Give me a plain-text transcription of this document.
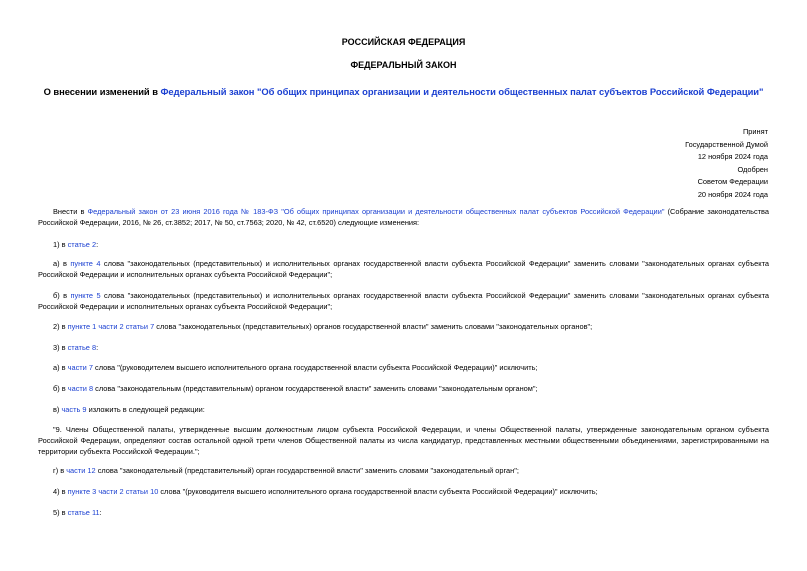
РОССИЙСКАЯ ФЕДЕРАЦИЯ
ФЕДЕРАЛЬНЫЙ ЗАКОН
О внесении изменений в Федеральный закон "Об общих принципах организации и деятельности общественных палат субъектов Российской Федерации"
Принят
Государственной Думой
12 ноября 2024 года
Одобрен
Советом Федерации
20 ноября 2024 года
Внести в Федеральный закон от 23 июня 2016 года № 183-ФЗ "Об общих принципах организации и деятельности общественных палат субъектов Российской Федерации" (Собрание законодательства Российской Федерации, 2016, № 26, ст.3852; 2017, № 50, ст.7563; 2020, № 42, ст.6520) следующие изменения:
1) в статье 2:
а) в пункте 4 слова "законодательных (представительных) и исполнительных органах государственной власти субъекта Российской Федерации" заменить словами "законодательных органах субъекта Российской Федерации и исполнительных органах субъекта Российской Федерации";
б) в пункте 5 слова "законодательных (представительных) и исполнительных органах государственной власти субъекта Российской Федерации" заменить словами "законодательных органах субъекта Российской Федерации и исполнительных органах субъекта Российской Федерации";
2) в пункте 1 части 2 статьи 7 слова "законодательных (представительных) органов государственной власти" заменить словами "законодательных органов";
3) в статье 8:
а) в части 7 слова "(руководителем высшего исполнительного органа государственной власти субъекта Российской Федерации)" исключить;
б) в части 8 слова "законодательным (представительным) органом государственной власти" заменить словами "законодательным органом";
в) часть 9 изложить в следующей редакции:
"9. Члены Общественной палаты, утвержденные высшим должностным лицом субъекта Российской Федерации, и члены Общественной палаты, утвержденные законодательным органом субъекта Российской Федерации, определяют состав остальной одной трети членов Общественной палаты из числа кандидатур, представленных местными общественными объединениями, зарегистрированными на территории субъекта Российской Федерации.";
г) в части 12 слова "законодательный (представительный) орган государственной власти" заменить словами "законодательный орган";
4) в пункте 3 части 2 статьи 10 слова "(руководителя высшего исполнительного органа государственной власти субъекта Российской Федерации)" исключить;
5) в статье 11:
